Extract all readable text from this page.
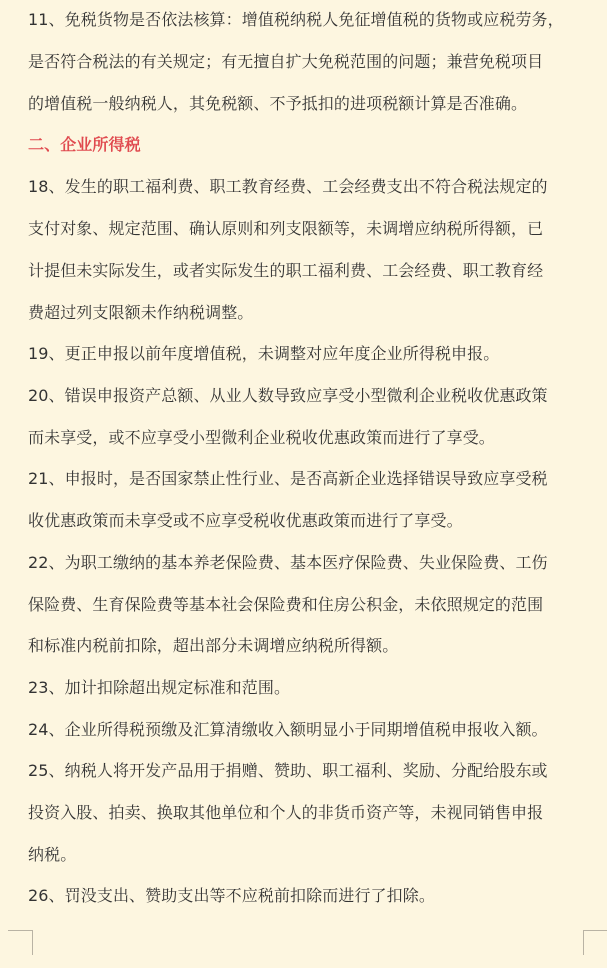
11、免税货物是否依法核算：增值税纳税人免征增值税的货物或应税劳务，
是否符合税法的有关规定；有无擅自扩大免税范围的问题；兼营免税项目
的增值税一般纳税人，其免税额、不予抵扣的进项税额计算是否准确。
二、企业所得税
18、发生的职工福利费、职工教育经费、工会经费支出不符合税法规定的
支付对象、规定范围、确认原则和列支限额等，未调增应纳税所得额，已
计提但未实际发生，或者实际发生的职工福利费、工会经费、职工教育经
费超过列支限额未作纳税调整。
19、更正申报以前年度增值税，未调整对应年度企业所得税申报。
20、错误申报资产总额、从业人数导致应享受小型微利企业税收优惠政策
而未享受，或不应享受小型微利企业税收优惠政策而进行了享受。
21、申报时，是否国家禁止性行业、是否高新企业选择错误导致应享受税
收优惠政策而未享受或不应享受税收优惠政策而进行了享受。
22、为职工缴纳的基本养老保险费、基本医疗保险费、失业保险费、工伤
保险费、生育保险费等基本社会保险费和住房公积金，未依照规定的范围
和标准内税前扣除，超出部分未调增应纳税所得额。
23、加计扣除超出规定标准和范围。
24、企业所得税预缴及汇算清缴收入额明显小于同期增值税申报收入额。
25、纳税人将开发产品用于捐赠、赞助、职工福利、奖励、分配给股东或
投资入股、拍卖、换取其他单位和个人的非货币资产等，未视同销售申报
纳税。
26、罚没支出、赞助支出等不应税前扣除而进行了扣除。
